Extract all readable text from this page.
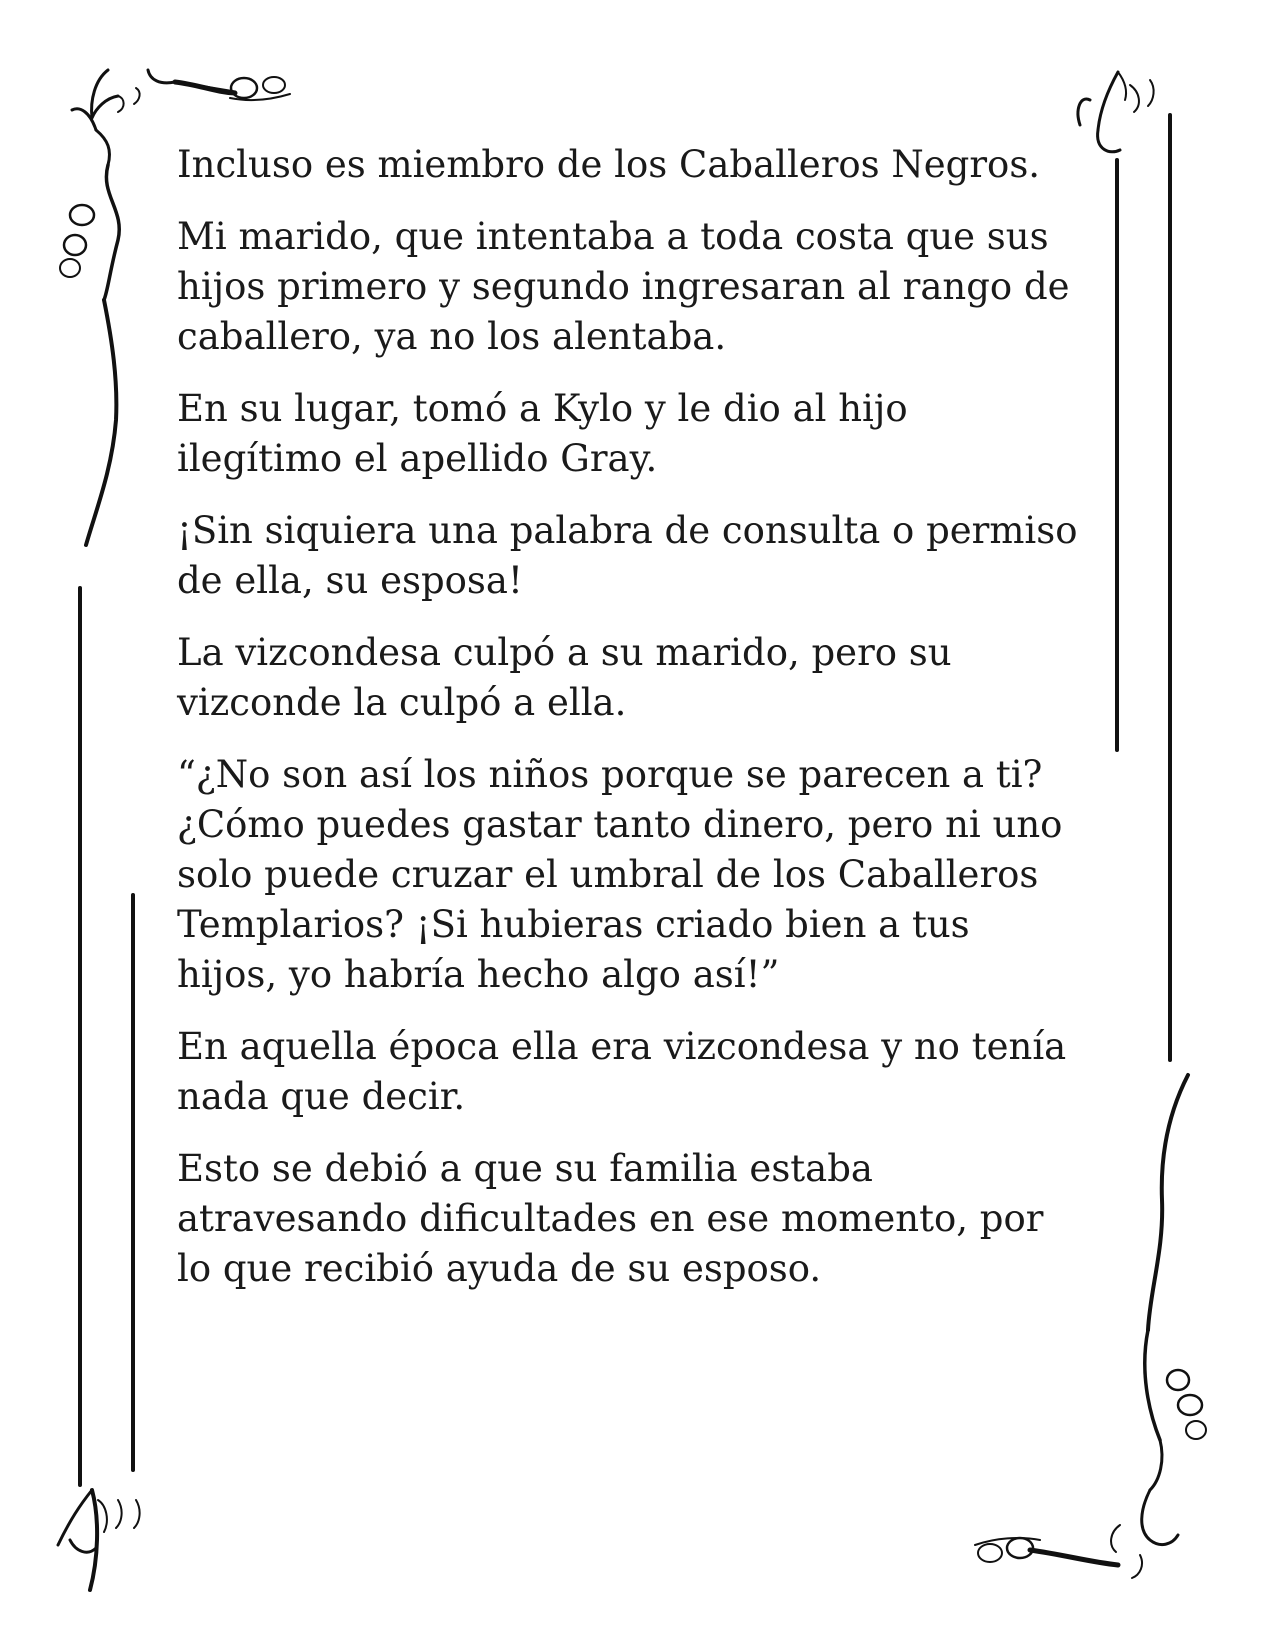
Incluso es miembro de los Caballeros Negros.

Mi marido, que intentaba a toda costa que sus
hijos primero y segundo ingresaran al rango de
caballero, ya no los alentaba.

En su lugar, tomó a Kylo y le dio al hijo
ilegítimo el apellido Gray.

¡Sin siquiera una palabra de consulta o permiso
de ella, su esposa!

La vizcondesa culpó a su marido, pero su
vizconde la culpó a ella.

“¿No son así los niños porque se parecen a ti?
¿Cómo puedes gastar tanto dinero, pero ni uno
solo puede cruzar el umbral de los Caballeros
Templarios? ¡Si hubieras criado bien a tus
hijos, yo habría hecho algo así!”

En aquella época ella era vizcondesa y no tenía
nada que decir.

Esto se debió a que su familia estaba
atravesando dificultades en ese momento, por
lo que recibió ayuda de su esposo.
